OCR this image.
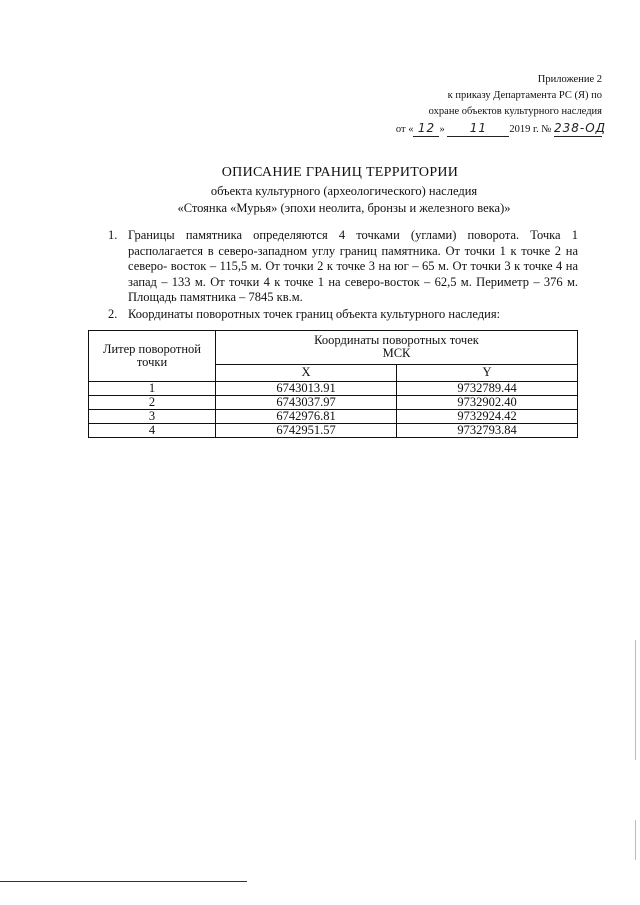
Приложение 2
к приказу Департамента РС (Я) по
охране объектов культурного наследия
от « 12 » 11 2019 г. № 238-ОД
ОПИСАНИЕ ГРАНИЦ ТЕРРИТОРИИ
объекта культурного (археологического) наследия
«Стоянка «Мурья» (эпохи неолита, бронзы и железного века)»
1. Границы памятника определяются 4 точками (углами) поворота. Точка 1 располагается в северо-западном углу границ памятника. От точки 1 к точке 2 на северо- восток – 115,5 м. От точки 2 к точке 3 на юг – 65 м. От точки 3 к точке 4 на запад – 133 м. От точки 4 к точке 1 на северо-восток – 62,5 м. Периметр – 376 м. Площадь памятника – 7845 кв.м.
2. Координаты поворотных точек границ объекта культурного наследия:
Литер поворотной точки	Координаты поворотных точек
МСК	

	X	Y
1	6743013.91	9732789.44
2	6743037.97	9732902.40
3	6742976.81	9732924.42
4	6742951.57	9732793.84
